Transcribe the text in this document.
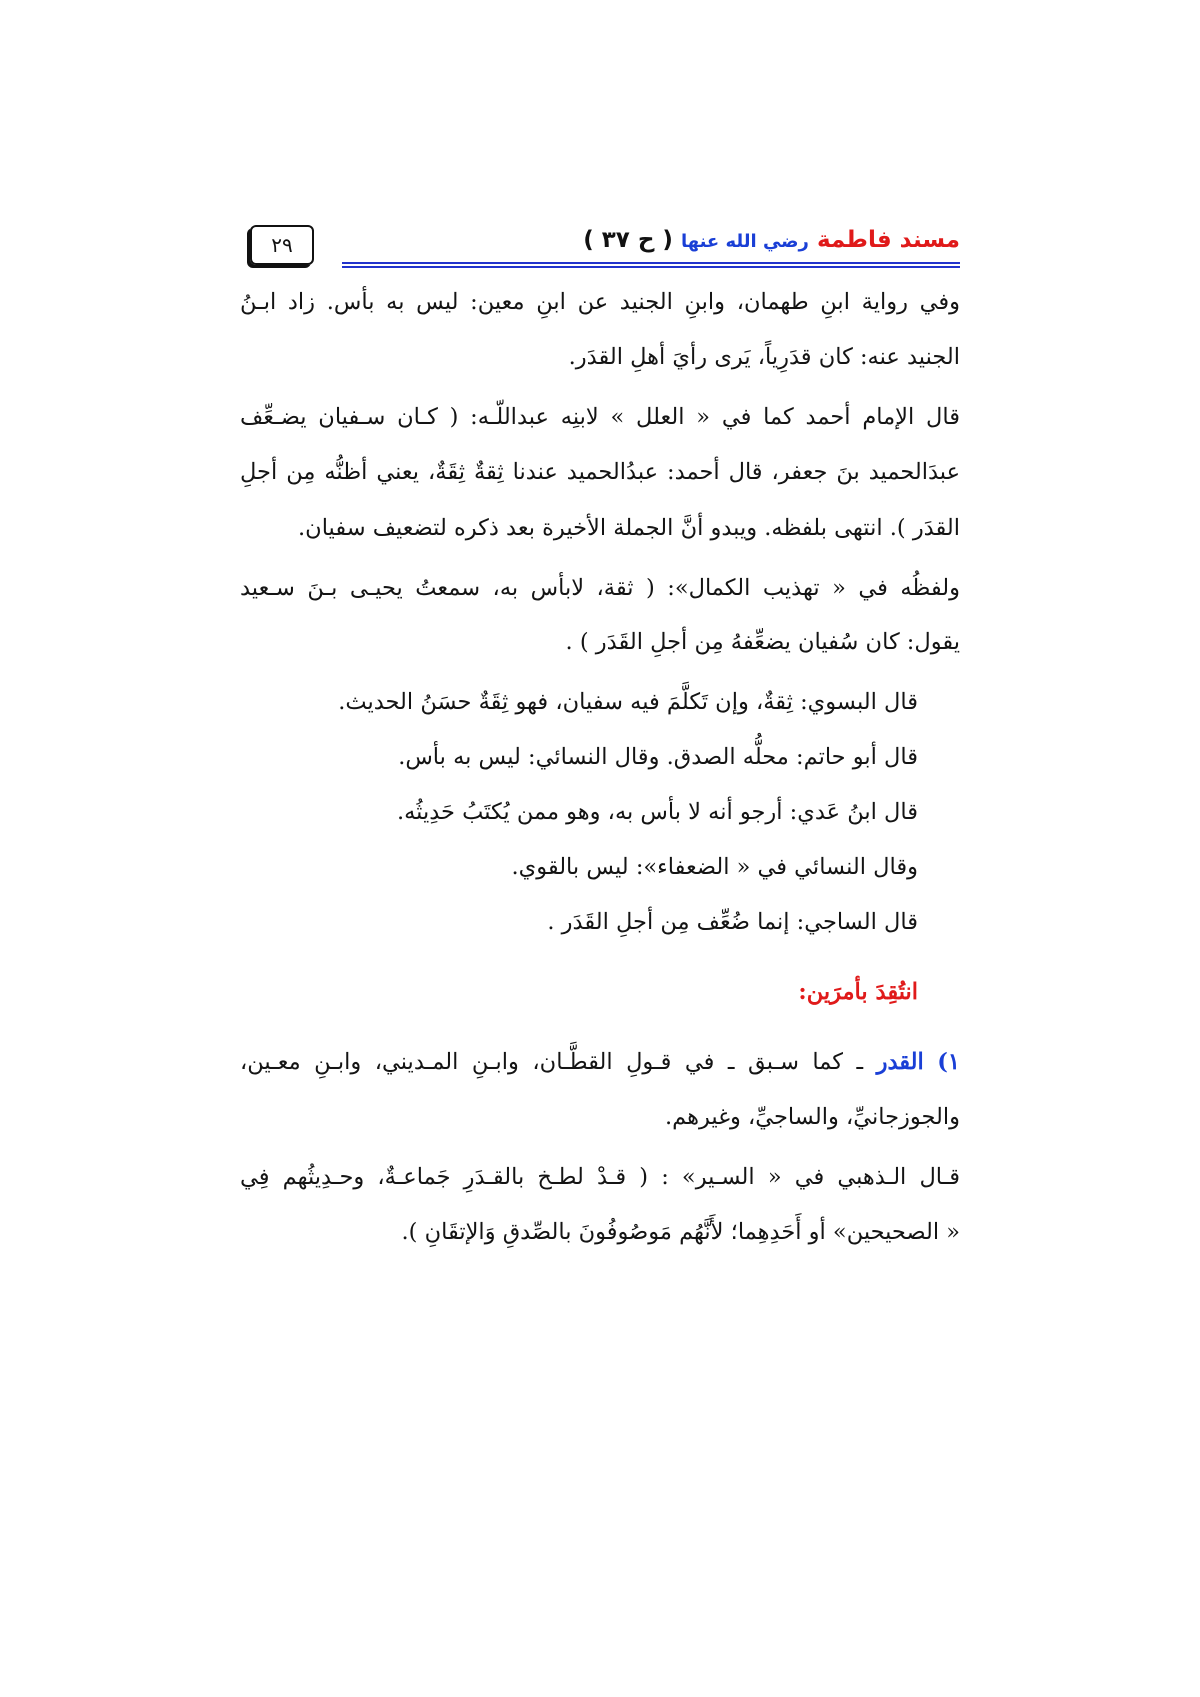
مسند فاطمة رضي الله عنها ( ح ٣٧ )
٢٩
وفي رواية ابنِ طهمان، وابنِ الجنيد عن ابنِ معين: ليس به بأس. زاد ابـنُ
الجنيد عنه: كان قدَرِياً، يَرى رأيَ أهلِ القدَر.
قال الإمام أحمد كما في « العلل » لابنِه عبداللّـه: ( كـان سـفيان يضـعِّف
عبدَالحميد بنَ جعفر، قال أحمد: عبدُالحميد عندنا ثِقةٌ ثِقَةٌ، يعني أظنُّه مِن أجلِ
القدَر ). انتهى بلفظه. ويبدو أنَّ الجملة الأخيرة بعد ذكره لتضعيف سفيان.
ولفظُه في « تهذيب الكمال»: ( ثقة، لابأس به، سمعتُ يحيـى بـنَ سـعيد
يقول: كان سُفيان يضعِّفهُ مِن أجلِ القَدَر ) .
قال البسوي: ثِقةٌ، وإن تَكلَّمَ فيه سفيان، فهو ثِقَةٌ حسَنُ الحديث.
قال أبو حاتم: محلُّه الصدق. وقال النسائي: ليس به بأس.
قال ابنُ عَدي: أرجو أنه لا بأس به، وهو ممن يُكتَبُ حَدِيثُه.
وقال النسائي في « الضعفاء»: ليس بالقوي.
قال الساجي: إنما ضُعِّف مِن أجلِ القَدَر .
انتُقِدَ بأمرَين:
١) القدر ـ كما سـبق ـ في قـولِ القطَّـان، وابـنِ المـديني، وابـنِ معـين،
والجوزجانيِّ، والساجيِّ، وغيرهم.
قـال الـذهبي في « السـير» : ( قـدْ لطـخ بالقـدَرِ جَماعـةٌ، وحـدِيثُهم فِي
« الصحيحين» أو أَحَدِهِما؛ لأَنَّهُم مَوصُوفُونَ بالصِّدقِ وَالإتقَانِ ).
